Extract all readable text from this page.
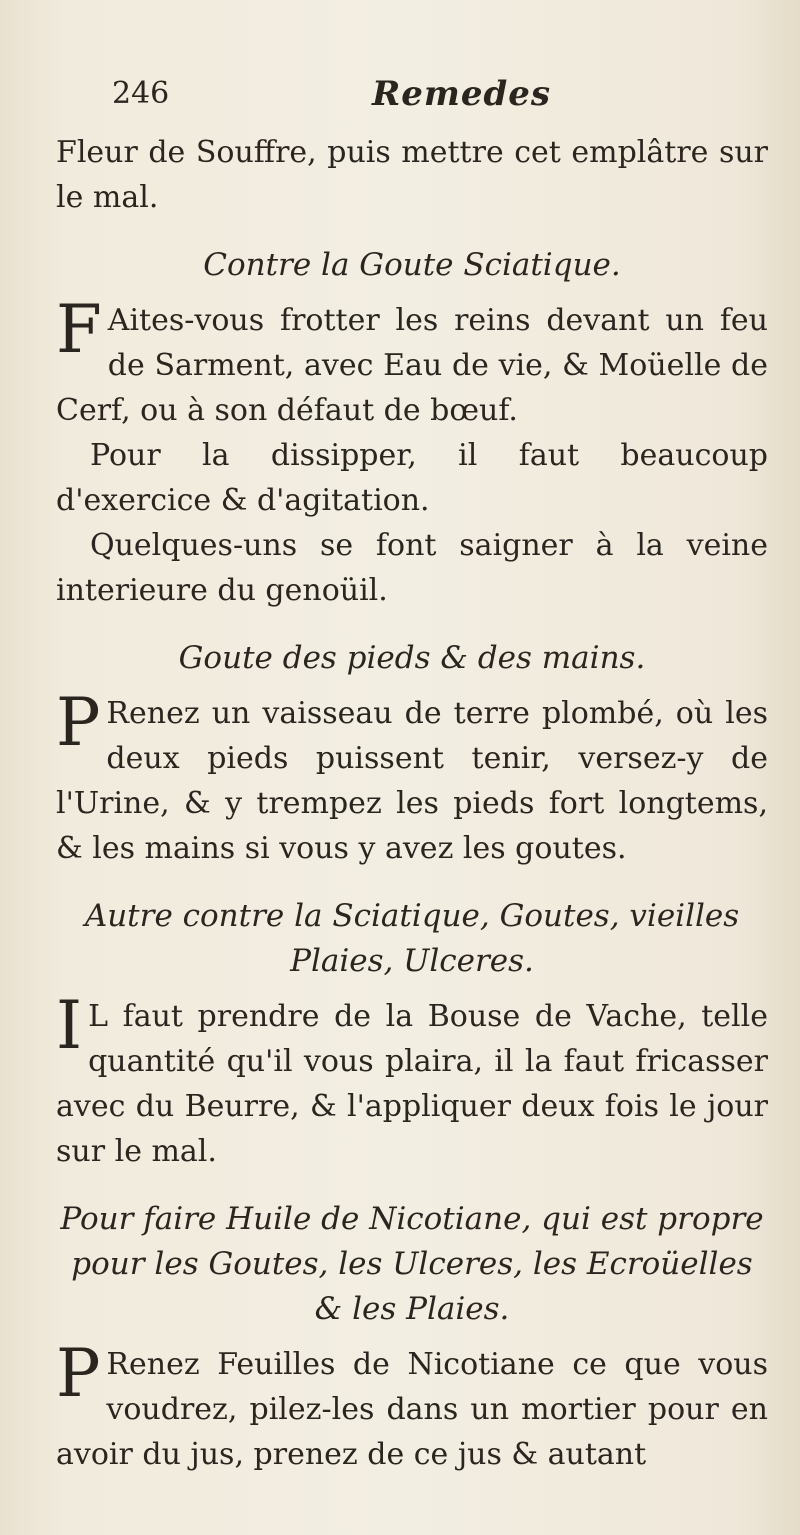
246	Remedes

Fleur de Souffre, puis mettre cet emplâtre sur le mal.

Contre la Goute Sciatique.

FAites-vous frotter les reins devant un feu de Sarment, avec Eau de vie, & Moüelle de Cerf, ou à son défaut de bœuf.

Pour la dissipper, il faut beaucoup d'exercice & d'agitation.

Quelques-uns se font saigner à la veine interieure du genoüil.

Goute des pieds & des mains.

PRenez un vaisseau de terre plombé, où les deux pieds puissent tenir, versez-y de l'Urine, & y trempez les pieds fort longtems, & les mains si vous y avez les goutes.

Autre contre la Sciatique, Goutes, vieilles
Plaies, Ulceres.

IL faut prendre de la Bouse de Vache, telle quantité qu'il vous plaira, il la faut fricasser avec du Beurre, & l'appliquer deux fois le jour sur le mal.

Pour faire Huile de Nicotiane, qui est propre
pour les Goutes, les Ulceres, les Ecroüelles
& les Plaies.

PRenez Feuilles de Nicotiane ce que vous voudrez, pilez-les dans un mortier pour en avoir du jus, prenez de ce jus & autant
